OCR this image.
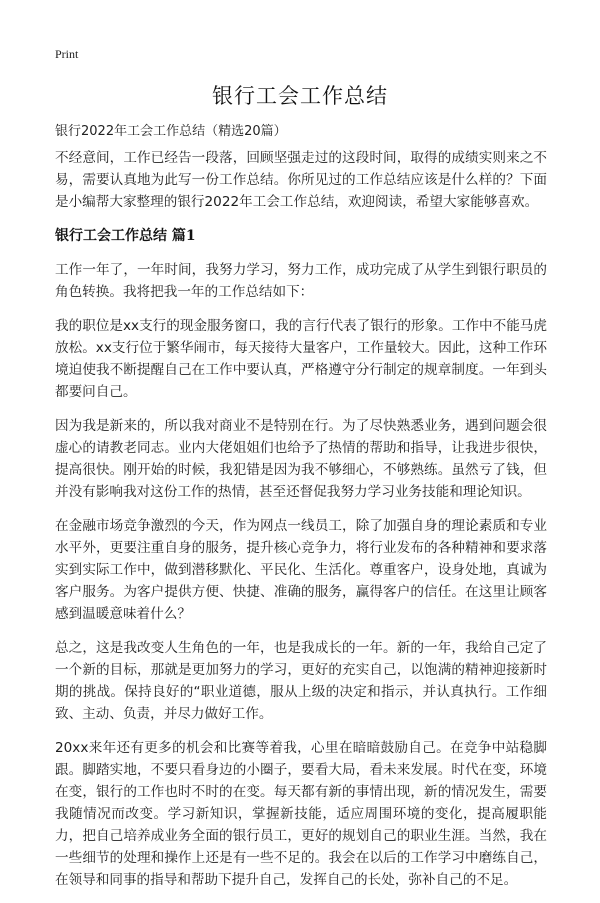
Print
银行工会工作总结
银行2022年工会工作总结（精选20篇）

不经意间，工作已经告一段落，回顾坚强走过的这段时间，取得的成绩实则来之不易，需要认真地为此写一份工作总结。你所见过的工作总结应该是什么样的？下面是小编帮大家整理的银行2022年工会工作总结，欢迎阅读，希望大家能够喜欢。

银行工会工作总结 篇1

工作一年了，一年时间，我努力学习，努力工作，成功完成了从学生到银行职员的角色转换。我将把我一年的工作总结如下：

我的职位是xx支行的现金服务窗口，我的言行代表了银行的形象。工作中不能马虎放松。xx支行位于繁华闹市，每天接待大量客户，工作量较大。因此，这种工作环境迫使我不断提醒自己在工作中要认真，严格遵守分行制定的规章制度。一年到头都要问自己。

因为我是新来的，所以我对商业不是特别在行。为了尽快熟悉业务，遇到问题会很虚心的请教老同志。业内大佬姐姐们也给予了热情的帮助和指导，让我进步很快，提高很快。刚开始的时候，我犯错是因为我不够细心，不够熟练。虽然亏了钱，但并没有影响我对这份工作的热情，甚至还督促我努力学习业务技能和理论知识。

在金融市场竞争激烈的今天，作为网点一线员工，除了加强自身的理论素质和专业水平外，更要注重自身的服务，提升核心竞争力，将行业发布的各种精神和要求落实到实际工作中，做到潜移默化、平民化、生活化。尊重客户，设身处地，真诚为客户服务。为客户提供方便、快捷、准确的服务，赢得客户的信任。在这里让顾客感到温暖意味着什么？

总之，这是我改变人生角色的一年，也是我成长的一年。新的一年，我给自己定了一个新的目标，那就是更加努力的学习，更好的充实自己，以饱满的精神迎接新时期的挑战。保持良好的“职业道德，服从上级的决定和指示，并认真执行。工作细致、主动、负责，并尽力做好工作。

20xx来年还有更多的机会和比赛等着我，心里在暗暗鼓励自己。在竞争中站稳脚跟。脚踏实地，不要只看身边的小圈子，要看大局，看未来发展。时代在变，环境在变，银行的工作也时不时的在变。每天都有新的事情出现，新的情况发生，需要我随情况而改变。学习新知识，掌握新技能，适应周围环境的变化，提高履职能力，把自己培养成业务全面的银行员工，更好的规划自己的职业生涯。当然，我在一些细节的处理和操作上还是有一些不足的。我会在以后的工作学习中磨练自己，在领导和同事的指导和帮助下提升自己，发挥自己的长处，弥补自己的不足。
